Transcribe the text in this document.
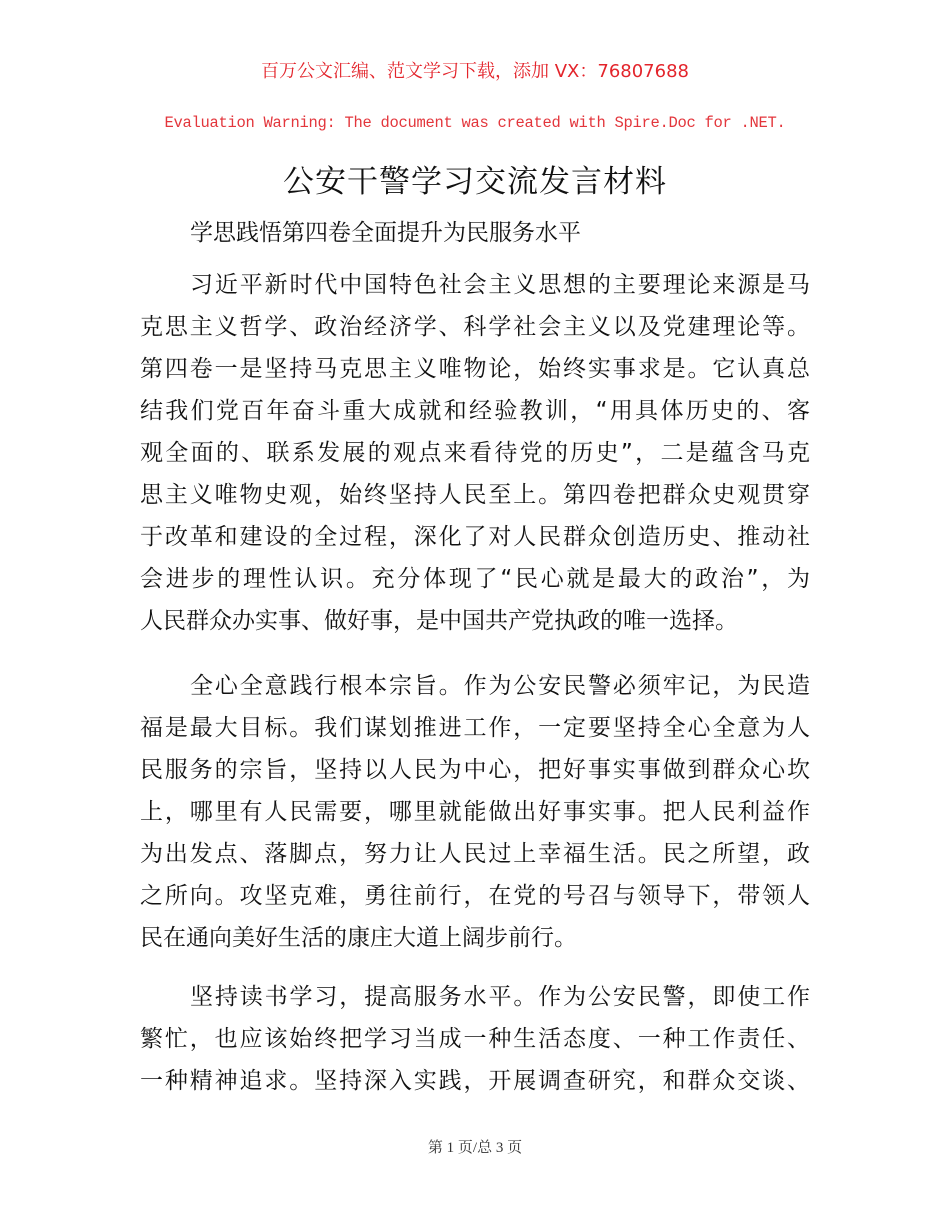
百万公文汇编、范文学习下载，添加 VX：76807688
Evaluation Warning: The document was created with Spire.Doc for .NET.
公安干警学习交流发言材料
学思践悟第四卷全面提升为民服务水平
习近平新时代中国特色社会主义思想的主要理论来源是马
克思主义哲学、政治经济学、科学社会主义以及党建理论等。
第四卷一是坚持马克思主义唯物论，始终实事求是。它认真总
结我们党百年奋斗重大成就和经验教训，“用具体历史的、客
观全面的、联系发展的观点来看待党的历史”，二是蕴含马克
思主义唯物史观，始终坚持人民至上。第四卷把群众史观贯穿
于改革和建设的全过程，深化了对人民群众创造历史、推动社
会进步的理性认识。充分体现了“民心就是最大的政治”，为
人民群众办实事、做好事，是中国共产党执政的唯一选择。
全心全意践行根本宗旨。作为公安民警必须牢记，为民造
福是最大目标。我们谋划推进工作，一定要坚持全心全意为人
民服务的宗旨，坚持以人民为中心，把好事实事做到群众心坎
上，哪里有人民需要，哪里就能做出好事实事。把人民利益作
为出发点、落脚点，努力让人民过上幸福生活。民之所望，政
之所向。攻坚克难，勇往前行，在党的号召与领导下，带领人
民在通向美好生活的康庄大道上阔步前行。
坚持读书学习，提高服务水平。作为公安民警，即使工作
繁忙，也应该始终把学习当成一种生活态度、一种工作责任、
一种精神追求。坚持深入实践，开展调查研究，和群众交谈、
第 1 页/总 3 页
